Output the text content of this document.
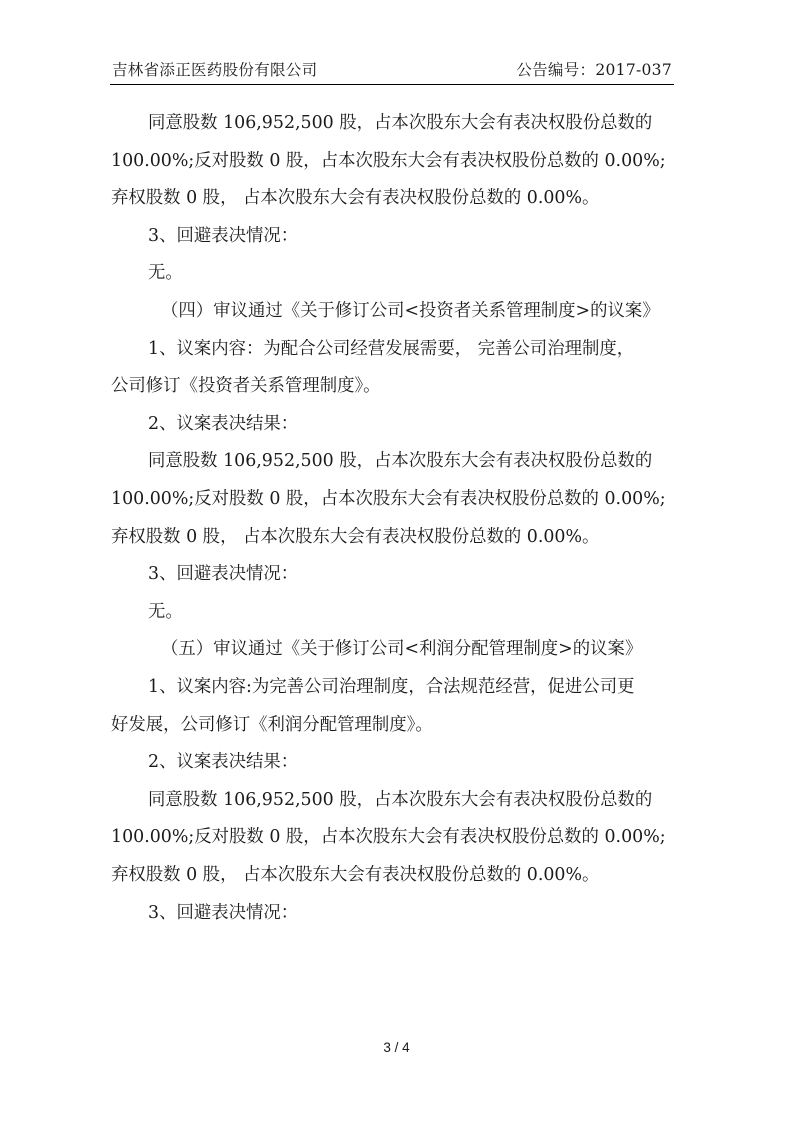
吉林省添正医药股份有限公司	公告编号：2017-037
同意股数 106,952,500 股，占本次股东大会有表决权股份总数的
100.00%;反对股数 0 股，占本次股东大会有表决权股份总数的 0.00%;
弃权股数 0 股， 占本次股东大会有表决权股份总数的 0.00%。
3、回避表决情况：
无。
（四）审议通过《关于修订公司<投资者关系管理制度>的议案》
1、议案内容：为配合公司经营发展需要， 完善公司治理制度，
公司修订《投资者关系管理制度》。
2、议案表决结果：
同意股数 106,952,500 股，占本次股东大会有表决权股份总数的
100.00%;反对股数 0 股，占本次股东大会有表决权股份总数的 0.00%;
弃权股数 0 股， 占本次股东大会有表决权股份总数的 0.00%。
3、回避表决情况：
无。
（五）审议通过《关于修订公司<利润分配管理制度>的议案》
1、议案内容:为完善公司治理制度，合法规范经营，促进公司更
好发展，公司修订《利润分配管理制度》。
2、议案表决结果：
同意股数 106,952,500 股，占本次股东大会有表决权股份总数的
100.00%;反对股数 0 股，占本次股东大会有表决权股份总数的 0.00%;
弃权股数 0 股， 占本次股东大会有表决权股份总数的 0.00%。
3、回避表决情况：
3 / 4
